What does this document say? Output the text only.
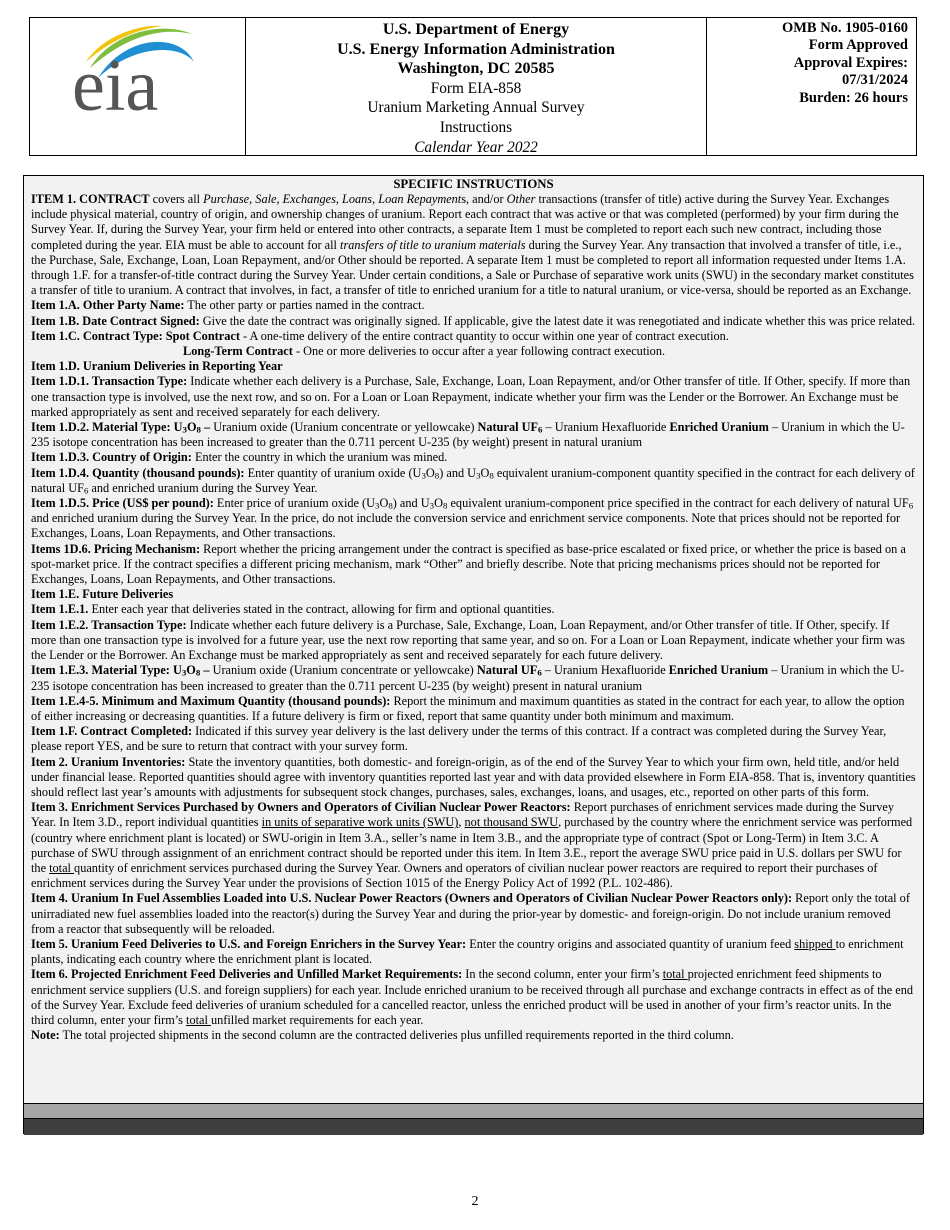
eia
U.S. Department of Energy
U.S. Energy Information Administration
Washington, DC 20585
Form EIA-858
Uranium Marketing Annual Survey
Instructions
Calendar Year 2022
OMB No. 1905-0160
Form Approved
Approval Expires:
07/31/2024
Burden: 26 hours
SPECIFIC INSTRUCTIONS

ITEM 1. CONTRACT covers all Purchase, Sale, Exchanges, Loans, Loan Repayments, and/or Other transactions (transfer of title) active during the Survey Year. Exchanges include physical material, country of origin, and ownership changes of uranium. Report each contract that was active or that was completed (performed) by your firm during the Survey Year. If, during the Survey Year, your firm held or entered into other contracts, a separate Item 1 must be completed to report each such new contract, including those completed during the year. EIA must be able to account for all transfers of title to uranium materials during the Survey Year. Any transaction that involved a transfer of title, i.e., the Purchase, Sale, Exchange, Loan, Loan Repayment, and/or Other should be reported. A separate Item 1 must be completed to report all information requested under Items 1.A. through 1.F. for a transfer-of-title contract during the Survey Year. Under certain conditions, a Sale or Purchase of separative work units (SWU) in the secondary market constitutes a transfer of title to uranium. A contract that involves, in fact, a transfer of title to enriched uranium for a title to natural uranium, or vice-versa, should be reported as an Exchange.

Item 1.A. Other Party Name: The other party or parties named in the contract.

Item 1.B. Date Contract Signed: Give the date the contract was originally signed. If applicable, give the latest date it was renegotiated and indicate whether this was price related.

Item 1.C. Contract Type: Spot Contract - A one-time delivery of the entire contract quantity to occur within one year of contract execution.

Long-Term Contract - One or more deliveries to occur after a year following contract execution.

Item 1.D. Uranium Deliveries in Reporting Year

Item 1.D.1. Transaction Type: Indicate whether each delivery is a Purchase, Sale, Exchange, Loan, Loan Repayment, and/or Other transfer of title. If Other, specify. If more than one transaction type is involved, use the next row, and so on. For a Loan or Loan Repayment, indicate whether your firm was the Lender or the Borrower. An Exchange must be marked appropriately as sent and received separately for each delivery.

Item 1.D.2. Material Type: U3O8 – Uranium oxide (Uranium concentrate or yellowcake) Natural UF6 – Uranium Hexafluoride Enriched Uranium – Uranium in which the U-235 isotope concentration has been increased to greater than the 0.711 percent U-235 (by weight) present in natural uranium

Item 1.D.3. Country of Origin: Enter the country in which the uranium was mined.

Item 1.D.4. Quantity (thousand pounds): Enter quantity of uranium oxide (U3O8) and U3O8 equivalent uranium-component quantity specified in the contract for each delivery of natural UF6 and enriched uranium during the Survey Year.

Item 1.D.5. Price (US$ per pound): Enter price of uranium oxide (U3O8) and U3O8 equivalent uranium-component price specified in the contract for each delivery of natural UF6 and enriched uranium during the Survey Year. In the price, do not include the conversion service and enrichment service components. Note that prices should not be reported for Exchanges, Loans, Loan Repayments, and Other transactions.

Items 1D.6. Pricing Mechanism: Report whether the pricing arrangement under the contract is specified as base-price escalated or fixed price, or whether the price is based on a spot-market price. If the contract specifies a different pricing mechanism, mark “Other” and briefly describe. Note that pricing mechanisms prices should not be reported for Exchanges, Loans, Loan Repayments, and Other transactions.

Item 1.E. Future Deliveries

Item 1.E.1. Enter each year that deliveries stated in the contract, allowing for firm and optional quantities.

Item 1.E.2. Transaction Type: Indicate whether each future delivery is a Purchase, Sale, Exchange, Loan, Loan Repayment, and/or Other transfer of title. If Other, specify. If more than one transaction type is involved for a future year, use the next row reporting that same year, and so on. For a Loan or Loan Repayment, indicate whether your firm was the Lender or the Borrower. An Exchange must be marked appropriately as sent and received separately for each future delivery.

Item 1.E.3. Material Type: U3O8 – Uranium oxide (Uranium concentrate or yellowcake) Natural UF6 – Uranium Hexafluoride Enriched Uranium – Uranium in which the U-235 isotope concentration has been increased to greater than the 0.711 percent U-235 (by weight) present in natural uranium

Item 1.E.4-5. Minimum and Maximum Quantity (thousand pounds): Report the minimum and maximum quantities as stated in the contract for each year, to allow the option of either increasing or decreasing quantities. If a future delivery is firm or fixed, report that same quantity under both minimum and maximum.

Item 1.F. Contract Completed: Indicated if this survey year delivery is the last delivery under the terms of this contract. If a contract was completed during the Survey Year, please report YES, and be sure to return that contract with your survey form.

Item 2. Uranium Inventories: State the inventory quantities, both domestic- and foreign-origin, as of the end of the Survey Year to which your firm own, held title, and/or held under financial lease. Reported quantities should agree with inventory quantities reported last year and with data provided elsewhere in Form EIA-858. That is, inventory quantities should reflect last year’s amounts with adjustments for subsequent stock changes, purchases, sales, exchanges, loans, and usages, etc., reported on other parts of this form.

Item 3. Enrichment Services Purchased by Owners and Operators of Civilian Nuclear Power Reactors: Report purchases of enrichment services made during the Survey Year. In Item 3.D., report individual quantities in units of separative work units (SWU), not thousand SWU, purchased by the country where the enrichment service was performed (country where enrichment plant is located) or SWU-origin in Item 3.A., seller’s name in Item 3.B., and the appropriate type of contract (Spot or Long-Term) in Item 3.C. A purchase of SWU through assignment of an enrichment contract should be reported under this item. In Item 3.E., report the average SWU price paid in U.S. dollars per SWU for the total quantity of enrichment services purchased during the Survey Year. Owners and operators of civilian nuclear power reactors are required to report their purchases of enrichment services during the Survey Year under the provisions of Section 1015 of the Energy Policy Act of 1992 (P.L. 102-486).

Item 4. Uranium In Fuel Assemblies Loaded into U.S. Nuclear Power Reactors (Owners and Operators of Civilian Nuclear Power Reactors only): Report only the total of unirradiated new fuel assemblies loaded into the reactor(s) during the Survey Year and during the prior-year by domestic- and foreign-origin. Do not include uranium removed from a reactor that subsequently will be reloaded.

Item 5. Uranium Feed Deliveries to U.S. and Foreign Enrichers in the Survey Year: Enter the country origins and associated quantity of uranium feed shipped to enrichment plants, indicating each country where the enrichment plant is located.

Item 6. Projected Enrichment Feed Deliveries and Unfilled Market Requirements: In the second column, enter your firm’s total projected enrichment feed shipments to enrichment service suppliers (U.S. and foreign suppliers) for each year. Include enriched uranium to be received through all purchase and exchange contracts in effect as of the end of the Survey Year. Exclude feed deliveries of uranium scheduled for a cancelled reactor, unless the enriched product will be used in another of your firm’s reactor units. In the third column, enter your firm’s total unfilled market requirements for each year.

Note: The total projected shipments in the second column are the contracted deliveries plus unfilled requirements reported in the third column.

2
